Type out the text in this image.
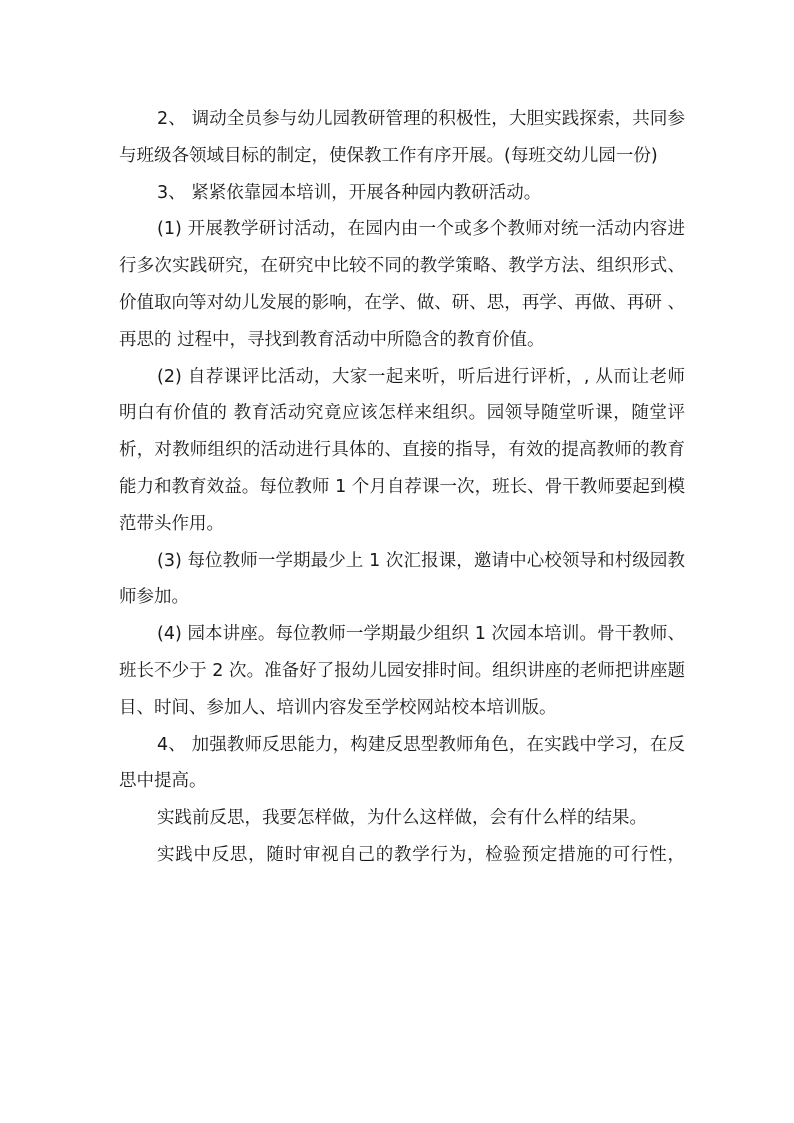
2、 调动全员参与幼儿园教研管理的积极性，大胆实践探索，共同参与班级各领域目标的制定，使保教工作有序开展。(每班交幼儿园一份)

3、 紧紧依靠园本培训，开展各种园内教研活动。

(1) 开展教学研讨活动，在园内由一个或多个教师对统一活动内容进行多次实践研究，在研究中比较不同的教学策略、教学方法、组织形式、价值取向等对幼儿发展的影响，在学、做、研、思，再学、再做、再研 、再思的 过程中，寻找到教育活动中所隐含的教育价值。

(2) 自荐课评比活动，大家一起来听，听后进行评析，, 从而让老师明白有价值的 教育活动究竟应该怎样来组织。园领导随堂听课，随堂评析，对教师组织的活动进行具体的、直接的指导，有效的提高教师的教育能力和教育效益。每位教师 1 个月自荐课一次，班长、骨干教师要起到模范带头作用。

(3) 每位教师一学期最少上 1 次汇报课，邀请中心校领导和村级园教师参加。

(4) 园本讲座。每位教师一学期最少组织 1 次园本培训。骨干教师、班长不少于 2 次。准备好了报幼儿园安排时间。组织讲座的老师把讲座题目、时间、参加人、培训内容发至学校网站校本培训版。

4、 加强教师反思能力，构建反思型教师角色，在实践中学习，在反思中提高。

实践前反思，我要怎样做，为什么这样做，会有什么样的结果。

实践中反思，随时审视自己的教学行为，检验预定措施的可行性，
